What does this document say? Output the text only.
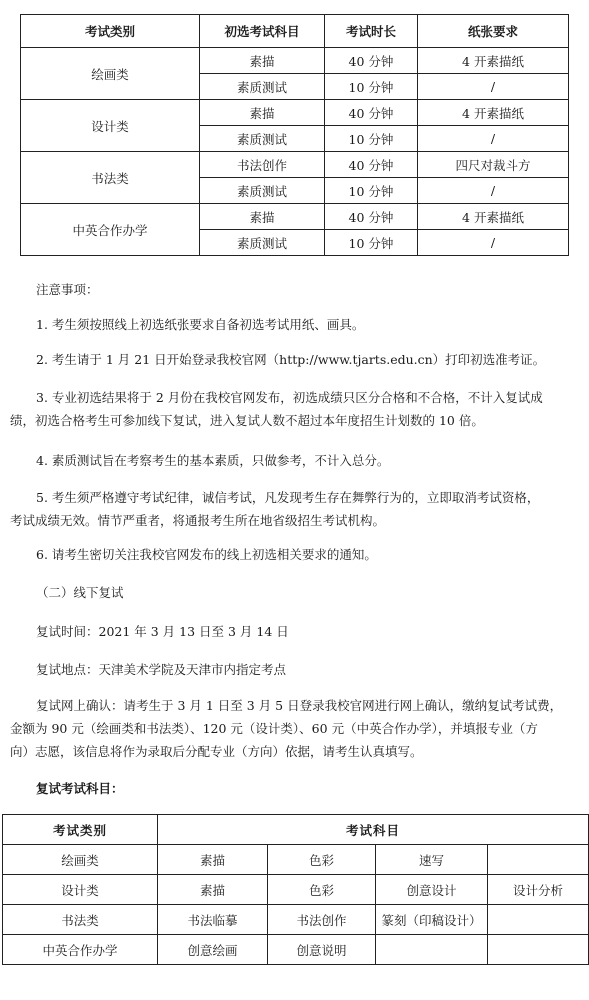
考试类别	初选考试科目	考试时长	纸张要求
绘画类	素描	40 分钟	4 开素描纸
	素质测试	10 分钟	/
设计类	素描	40 分钟	4 开素描纸
	素质测试	10 分钟	/
书法类	书法创作	40 分钟	四尺对裁斗方
	素质测试	10 分钟	/
中英合作办学	素描	40 分钟	4 开素描纸
	素质测试	10 分钟	/
注意事项：
1. 考生须按照线上初选纸张要求自备初选考试用纸、画具。
2. 考生请于 1 月 21 日开始登录我校官网（http://www.tjarts.edu.cn）打印初选准考证。
3. 专业初选结果将于 2 月份在我校官网发布，初选成绩只区分合格和不合格，不计入复试成
绩，初选合格考生可参加线下复试，进入复试人数不超过本年度招生计划数的 10 倍。
4. 素质测试旨在考察考生的基本素质，只做参考，不计入总分。
5. 考生须严格遵守考试纪律，诚信考试，凡发现考生存在舞弊行为的，立即取消考试资格，
考试成绩无效。情节严重者，将通报考生所在地省级招生考试机构。
6. 请考生密切关注我校官网发布的线上初选相关要求的通知。
（二）线下复试
复试时间：2021 年 3 月 13 日至 3 月 14 日
复试地点：天津美术学院及天津市内指定考点
复试网上确认：请考生于 3 月 1 日至 3 月 5 日登录我校官网进行网上确认，缴纳复试考试费，
金额为 90 元（绘画类和书法类）、120 元（设计类）、60 元（中英合作办学），并填报专业（方
向）志愿，该信息将作为录取后分配专业（方向）依据，请考生认真填写。
复试考试科目：
考试类别	考试科目			
绘画类	素描	色彩	速写	
设计类	素描	色彩	创意设计	设计分析
书法类	书法临摹	书法创作	篆刻（印稿设计）	
中英合作办学	创意绘画	创意说明		
